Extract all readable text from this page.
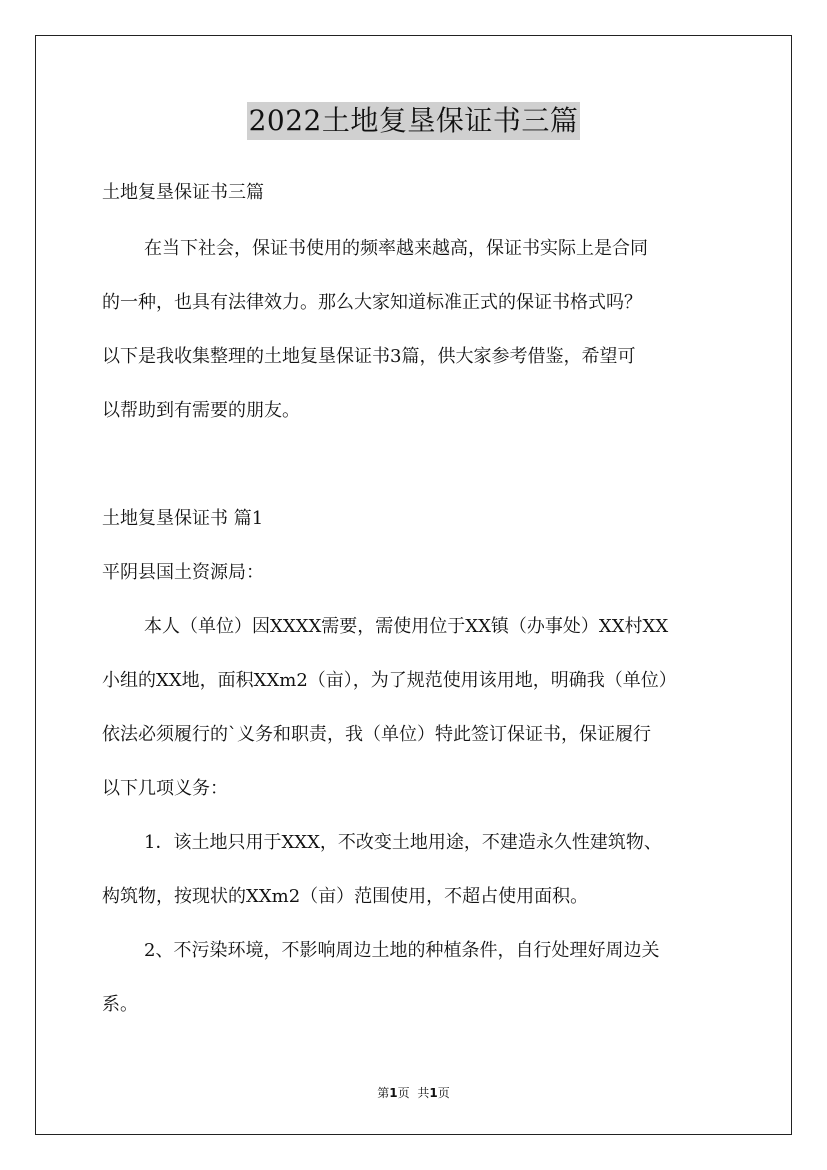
2022土地复垦保证书三篇
土地复垦保证书三篇
在当下社会，保证书使用的频率越来越高，保证书实际上是合同
的一种，也具有法律效力。那么大家知道标准正式的保证书格式吗？
以下是我收集整理的土地复垦保证书3篇，供大家参考借鉴，希望可
以帮助到有需要的朋友。
土地复垦保证书 篇1
平阴县国土资源局：
本人（单位）因XXXX需要，需使用位于XX镇（办事处）XX村XX
小组的XX地，面积XXm2（亩），为了规范使用该用地，明确我（单位）
依法必须履行的`义务和职责，我（单位）特此签订保证书，保证履行
以下几项义务：
1．该土地只用于XXX，不改变土地用途，不建造永久性建筑物、
构筑物，按现状的XXm2（亩）范围使用，不超占使用面积。
2、不污染环境，不影响周边土地的种植条件，自行处理好周边关
系。
第1页 共1页
